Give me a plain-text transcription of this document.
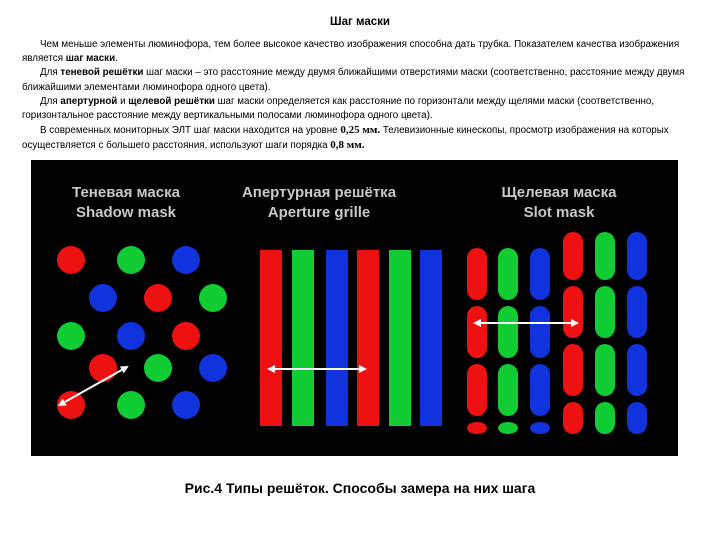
Шаг маски

Чем меньше элементы люминофора, тем более высокое качество изображения способна дать трубка. Показателем качества изображения является шаг маски.

Для теневой решётки шаг маски – это расстояние между двумя ближайшими отверстиями маски (соответственно, расстояние между двумя ближайшими элементами люминофора одного цвета).

Для апертурной и щелевой решётки шаг маски определяется как расстояние по горизонтали между щелями маски (соответственно, горизонтальное расстояние между вертикальными полосами люминофора одного цвета).

В современных мониторных ЭЛТ шаг маски находится на уровне 0,25 мм. Телевизионные кинескопы, просмотр изображения на которых осуществляется с большего расстояния, используют шаги порядка 0,8 мм.

Теневая маска
Shadow mask
Апертурная решётка
Aperture grille
Щелевая маска
Slot mask
Рис.4 Типы решёток. Способы замера на них шага
